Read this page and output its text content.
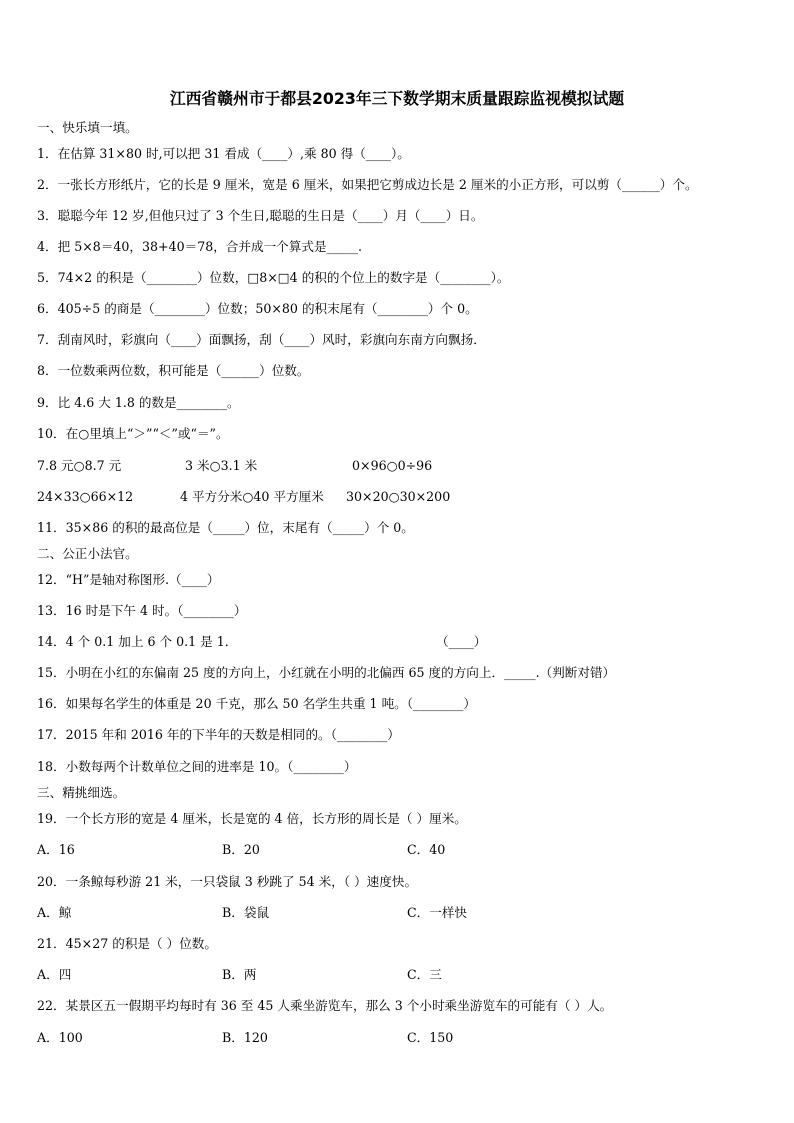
江西省赣州市于都县2023年三下数学期末质量跟踪监视模拟试题
一、快乐填一填。
1．在估算 31×80 时,可以把 31 看成（____）,乘 80 得（____）。
2．一张长方形纸片，它的长是 9 厘米，宽是 6 厘米，如果把它剪成边长是 2 厘米的小正方形，可以剪（______）个。
3．聪聪今年 12 岁,但他只过了 3 个生日,聪聪的生日是（____）月（____）日。
4．把 5×8＝40，38+40＝78，合并成一个算式是_____.
5．74×2 的积是（________）位数，□8×□4 的积的个位上的数字是（________）。
6．405÷5 的商是（________）位数；50×80 的积末尾有（________）个 0。
7．刮南风时，彩旗向（____）面飘扬，刮（____）风时，彩旗向东南方向飘扬．
8．一位数乘两位数，积可能是（______）位数。
9．比 4.6 大 1.8 的数是________。
10．在○里填上“＞”“＜”或“＝”。
7.8 元○8.7 元	3 米○3.1 米	0×96○0÷96
24×33○66×12	4 平方分米○40 平方厘米 30×20○30×200
11．35×86 的积的最高位是（_____）位，末尾有（_____）个 0。
二、公正小法官。
12．“H”是轴对称图形.（____）
13．16 时是下午 4 时。（________）
14．4 个 0.1 加上 6 个 0.1 是 1．	（____）
15．小明在小红的东偏南 25 度的方向上，小红就在小明的北偏西 65 度的方向上．_____.（判断对错）
16．如果每名学生的体重是 20 千克，那么 50 名学生共重 1 吨。（________）
17．2015 年和 2016 年的下半年的天数是相同的。（________）
18．小数每两个计数单位之间的进率是 10。（________）
三、精挑细选。
19．一个长方形的宽是 4 厘米，长是宽的 4 倍，长方形的周长是（ ）厘米。
A．16	B．20	C．40
20．一条鲸每秒游 21 米，一只袋鼠 3 秒跳了 54 米，（ ）速度快。
A．鲸	B．袋鼠	C．一样快
21．45×27 的积是（ ）位数。
A．四	B．两	C．三
22．某景区五一假期平均每时有 36 至 45 人乘坐游览车，那么 3 个小时乘坐游览车的可能有（ ）人。
A．100	B．120	C．150
